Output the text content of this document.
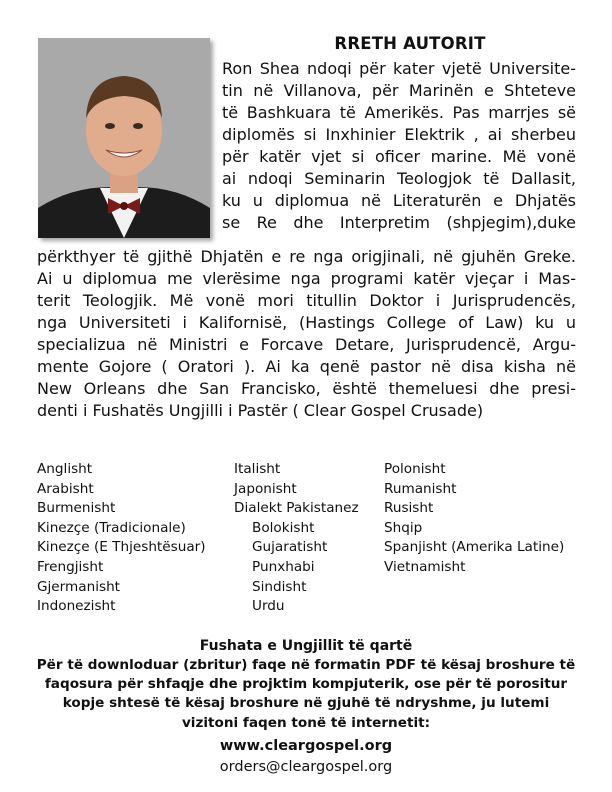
RRETH AUTORIT
Ron Shea ndoqi për kater vjetë Universite-
tin në Villanova, për Marinën e Shteteve
të Bashkuara të Amerikës. Pas marrjes së
diplomës si Inxhinier Elektrik , ai sherbeu
për katër vjet si oficer marine. Më vonë
ai ndoqi Seminarin Teologjok të Dallasit,
ku u diplomua në Literaturën e Dhjatës
se Re dhe Interpretim (shpjegim),duke
përkthyer të gjithë Dhjatën e re nga origjinali, në gjuhën Greke.
Ai u diplomua me vlerësime nga programi katër vjeçar i Mas-
terit Teologjik. Më vonë mori titullin Doktor i Jurisprudencës,
nga Universiteti i Kalifornisë, (Hastings College of Law) ku u
specializua në Ministri e Forcave Detare, Jurisprudencë, Argu-
mente Gojore ( Oratori ). Ai ka qenë pastor në disa kisha në
New Orleans dhe San Francisko, është themeluesi dhe presi-
denti i Fushatës Ungjilli i Pastër ( Clear Gospel Crusade)
Anglisht
Arabisht
Burmenisht
Kinezçe (Tradicionale)
Kinezçe (E Thjeshtësuar)
Frengjisht
Gjermanisht
Indonezisht
Italisht
Japonisht
Dialekt Pakistanez
Bolokisht
Gujaratisht
Punxhabi
Sindisht
Urdu
Polonisht
Rumanisht
Rusisht
Shqip
Spanjisht (Amerika Latine)
Vietnamisht
Fushata e Ungjillit të qartë
Për të downloduar (zbritur) faqe në formatin PDF të kësaj broshure të
faqosura për shfaqje dhe projktim kompjuterik, ose për të porositur
kopje shtesë të kësaj broshure në gjuhë të ndryshme, ju lutemi
vizitoni faqen tonë të internetit:
www.cleargospel.org
orders@cleargospel.org
